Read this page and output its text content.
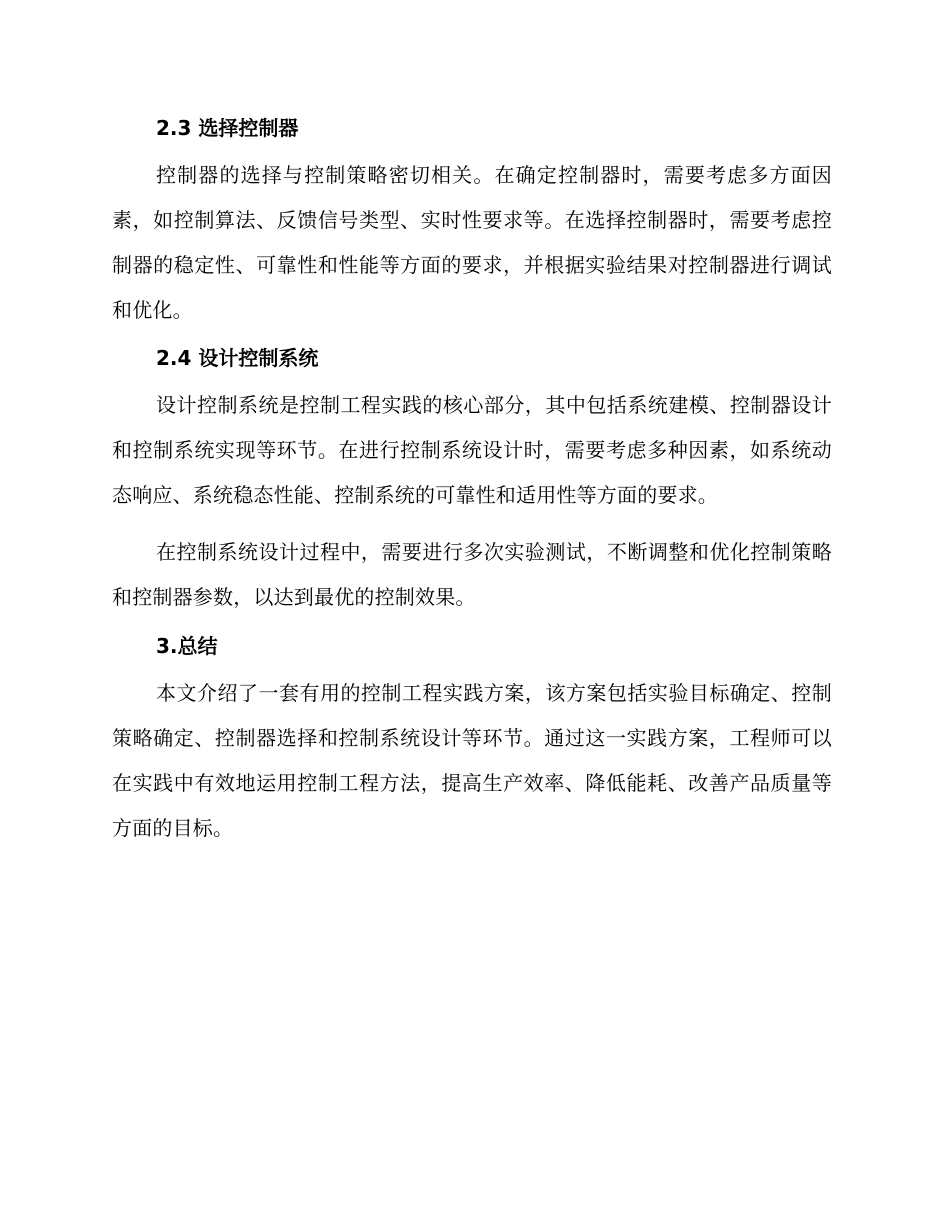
2.3 选择控制器

控制器的选择与控制策略密切相关。在确定控制器时，需要考虑多方面因素，如控制算法、反馈信号类型、实时性要求等。在选择控制器时，需要考虑控制器的稳定性、可靠性和性能等方面的要求，并根据实验结果对控制器进行调试和优化。

2.4 设计控制系统

设计控制系统是控制工程实践的核心部分，其中包括系统建模、控制器设计和控制系统实现等环节。在进行控制系统设计时，需要考虑多种因素，如系统动态响应、系统稳态性能、控制系统的可靠性和适用性等方面的要求。

在控制系统设计过程中，需要进行多次实验测试，不断调整和优化控制策略和控制器参数，以达到最优的控制效果。

3.总结

本文介绍了一套有用的控制工程实践方案，该方案包括实验目标确定、控制策略确定、控制器选择和控制系统设计等环节。通过这一实践方案，工程师可以在实践中有效地运用控制工程方法，提高生产效率、降低能耗、改善产品质量等方面的目标。
